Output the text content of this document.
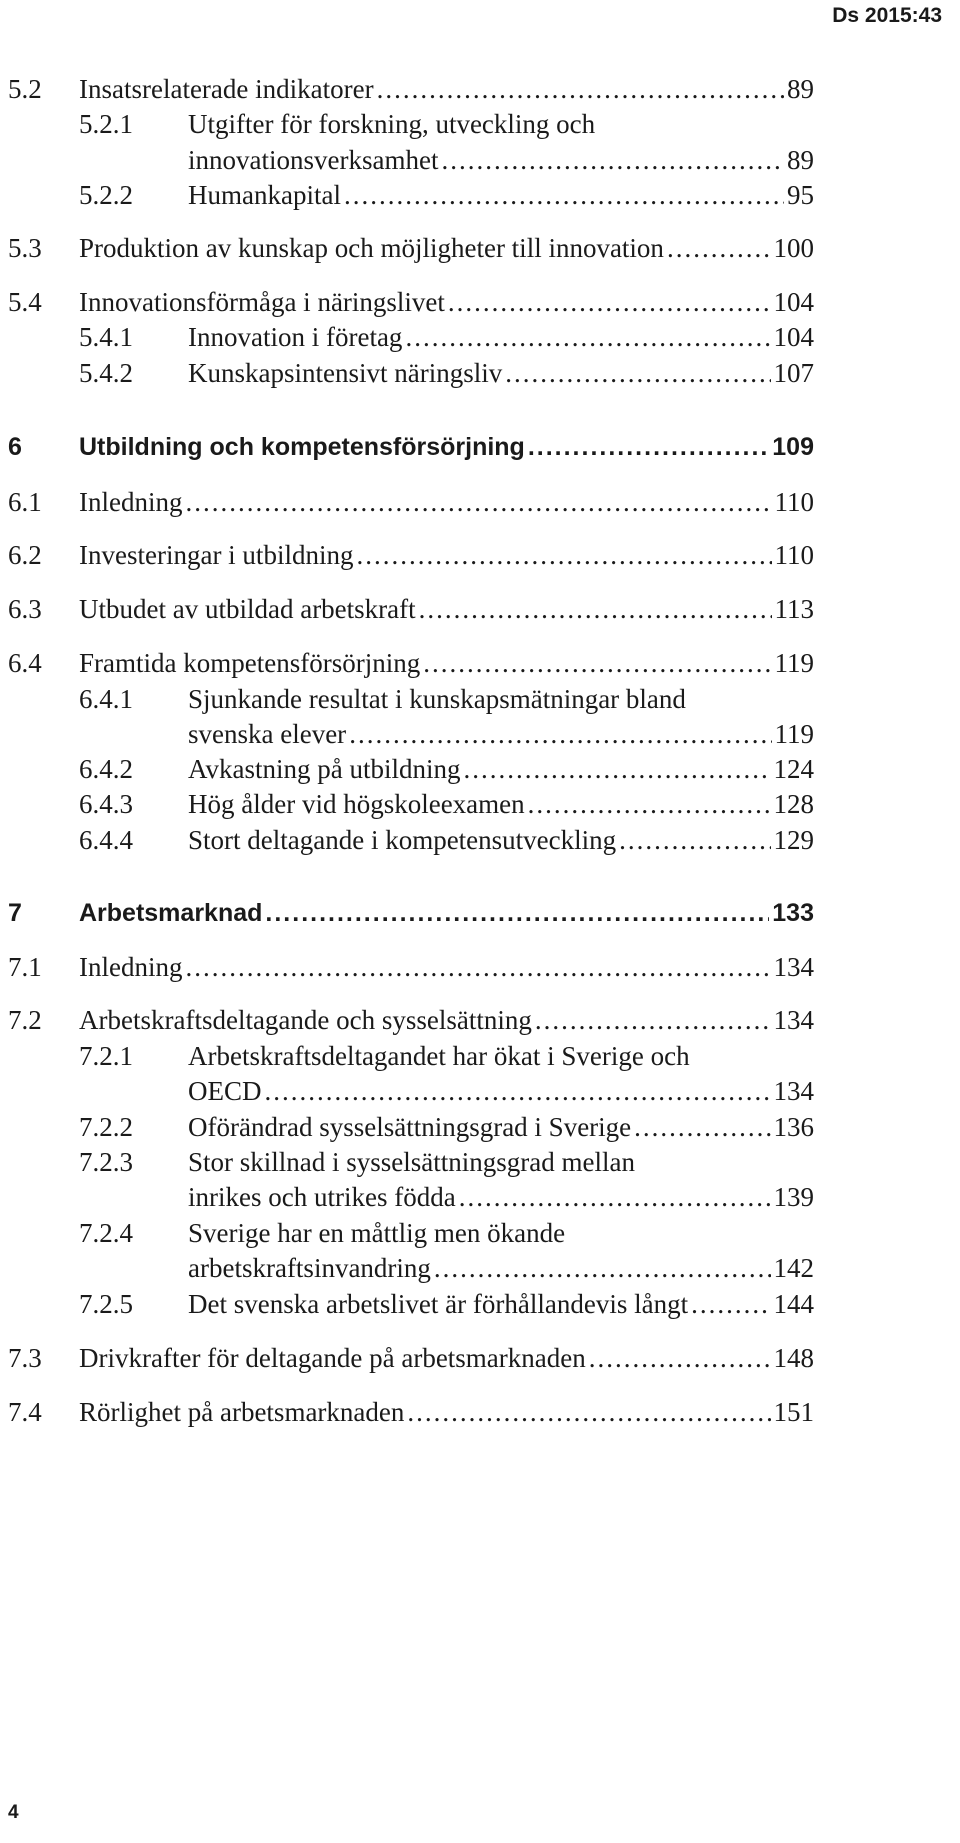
Ds 2015:43
5.2 Insatsrelaterade indikatorer .....	89
5.2.1 Utgifter för forskning, utveckling och
innovationsverksamhet .....	89
5.2.2 Humankapital .....	95
5.3 Produktion av kunskap och möjligheter till innovation .....	100
5.4 Innovationsförmåga i näringslivet .....	104
5.4.1 Innovation i företag .....	104
5.4.2 Kunskapsintensivt näringsliv .....	107
6 Utbildning och kompetensförsörjning .....	109
6.1 Inledning .....	110
6.2 Investeringar i utbildning .....	110
6.3 Utbudet av utbildad arbetskraft .....	113
6.4 Framtida kompetensförsörjning .....	119
6.4.1 Sjunkande resultat i kunskapsmätningar bland
svenska elever .....	119
6.4.2 Avkastning på utbildning .....	124
6.4.3 Hög ålder vid högskoleexamen .....	128
6.4.4 Stort deltagande i kompetensutveckling .....	129
7 Arbetsmarknad .....	133
7.1 Inledning .....	134
7.2 Arbetskraftsdeltagande och sysselsättning .....	134
7.2.1 Arbetskraftsdeltagandet har ökat i Sverige och
OECD .....	134
7.2.2 Oförändrad sysselsättningsgrad i Sverige .....	136
7.2.3 Stor skillnad i sysselsättningsgrad mellan
inrikes och utrikes födda .....	139
7.2.4 Sverige har en måttlig men ökande
arbetskraftsinvandring .....	142
7.2.5 Det svenska arbetslivet är förhållandevis långt .....	144
7.3 Drivkrafter för deltagande på arbetsmarknaden .....	148
7.4 Rörlighet på arbetsmarknaden .....	151
4
